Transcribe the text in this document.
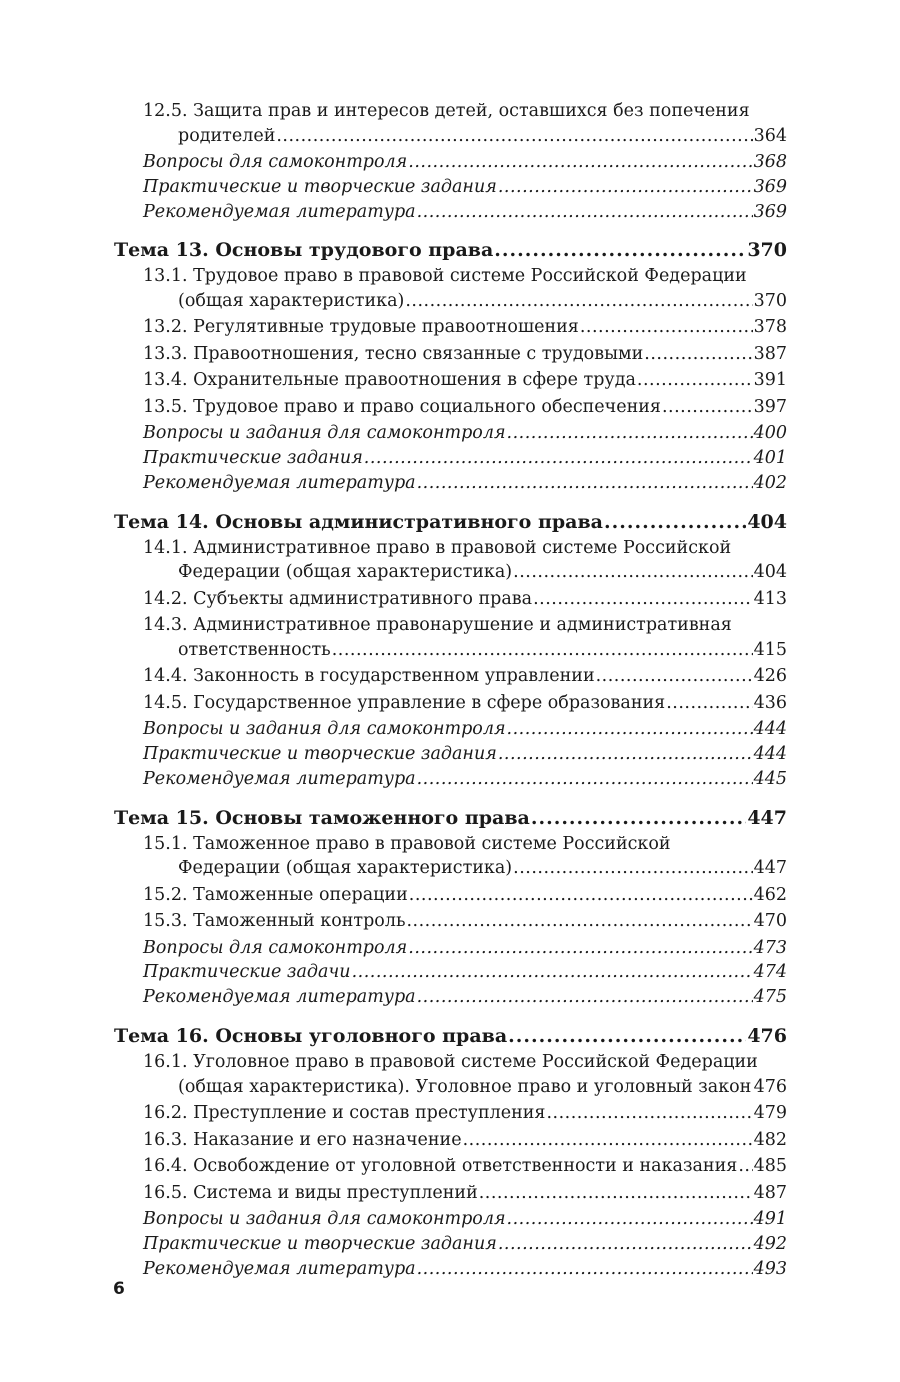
12.5. Защита прав и интересов детей, оставшихся без попечения
родителей .....	364
Вопросы для самоконтроля .....	368
Практические и творческие задания .....	369
Рекомендуемая литература .....	369
Тема 13. Основы трудового права .....	370
13.1. Трудовое право в правовой системе Российской Федерации
(общая характеристика) .....	370
13.2. Регулятивные трудовые правоотношения .....	378
13.3. Правоотношения, тесно связанные с трудовыми .....	387
13.4. Охранительные правоотношения в сфере труда .....	391
13.5. Трудовое право и право социального обеспечения .....	397
Вопросы и задания для самоконтроля .....	400
Практические задания .....	401
Рекомендуемая литература .....	402
Тема 14. Основы административного права .....	404
14.1. Административное право в правовой системе Российской
Федерации (общая характеристика) .....	404
14.2. Субъекты административного права .....	413
14.3. Административное правонарушение и административная
ответственность .....	415
14.4. Законность в государственном управлении .....	426
14.5. Государственное управление в сфере образования .....	436
Вопросы и задания для самоконтроля .....	444
Практические и творческие задания .....	444
Рекомендуемая литература .....	445
Тема 15. Основы таможенного права .....	447
15.1. Таможенное право в правовой системе Российской
Федерации (общая характеристика) .....	447
15.2. Таможенные операции .....	462
15.3. Таможенный контроль .....	470
Вопросы для самоконтроля .....	473
Практические задачи .....	474
Рекомендуемая литература .....	475
Тема 16. Основы уголовного права .....	476
16.1. Уголовное право в правовой системе Российской Федерации
(общая характеристика). Уголовное право и уголовный закон ..... 476
16.2. Преступление и состав преступления .....	479
16.3. Наказание и его назначение .....	482
16.4. Освобождение от уголовной ответственности и наказания ..... 485
16.5. Система и виды преступлений .....	487
Вопросы и задания для самоконтроля .....	491
Практические и творческие задания .....	492
Рекомендуемая литература .....	493
6
